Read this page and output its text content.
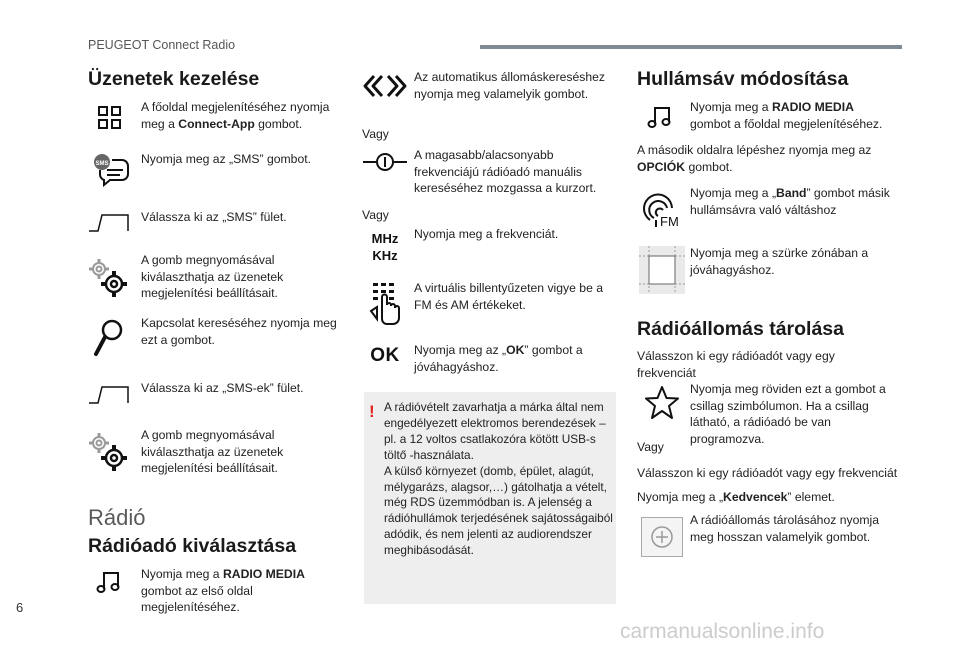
PEUGEOT Connect Radio
Üzenetek kezelése
A főoldal megjelenítéséhez nyomja meg a Connect-App gombot.
SMS	Nyomja meg az „SMS” gombot.
Válassza ki az „SMS” fület.
A gomb megnyomásával kiválaszthatja az üzenetek megjelenítési beállításait.
Kapcsolat kereséséhez nyomja meg ezt a gombot.
Válassza ki az „SMS-ek” fület.
A gomb megnyomásával kiválaszthatja az üzenetek megjelenítési beállításait.
Rádió
Rádióadó kiválasztása
Nyomja meg a RADIO MEDIA gombot az első oldal megjelenítéséhez.
Az automatikus állomáskereséshez nyomja meg valamelyik gombot.
Vagy
A magasabb/alacsonyabb frekvenciájú rádióadó manuális kereséséhez mozgassa a kurzort.
Vagy
MHz
KHz
Nyomja meg a frekvenciát.
A virtuális billentyűzeten vigye be a FM és AM értékeket.
OK	Nyomja meg az „OK” gombot a jóváhagyáshoz.
! A rádióvételt zavarhatja a márka által nem engedélyezett elektromos berendezések – pl. a 12 voltos csatlakozóra kötött USB-s töltő -használata.
A külső környezet (domb, épület, alagút, mélygarázs, alagsor,…) gátolhatja a vételt, még RDS üzemmódban is. A jelenség a rádióhullámok terjedésének sajátosságaiból adódik, és nem jelenti az audiorendszer meghibásodását.
Hullámsáv módosítása
Nyomja meg a RADIO MEDIA gombot a főoldal megjelenítéséhez.
A második oldalra lépéshez nyomja meg az OPCIÓK gombot.
FM
Nyomja meg a „Band” gombot másik hullámsávra való váltáshoz
Nyomja meg a szürke zónában a jóváhagyáshoz.
Rádióállomás tárolása
Válasszon ki egy rádióadót vagy egy frekvenciát
Nyomja meg röviden ezt a gombot a csillag szimbólumon. Ha a csillag látható, a rádióadó be van programozva.
Vagy
Válasszon ki egy rádióadót vagy egy frekvenciát
Nyomja meg a „Kedvencek” elemet.
A rádióállomás tárolásához nyomja meg hosszan valamelyik gombot.
6
carmanualsonline.info
